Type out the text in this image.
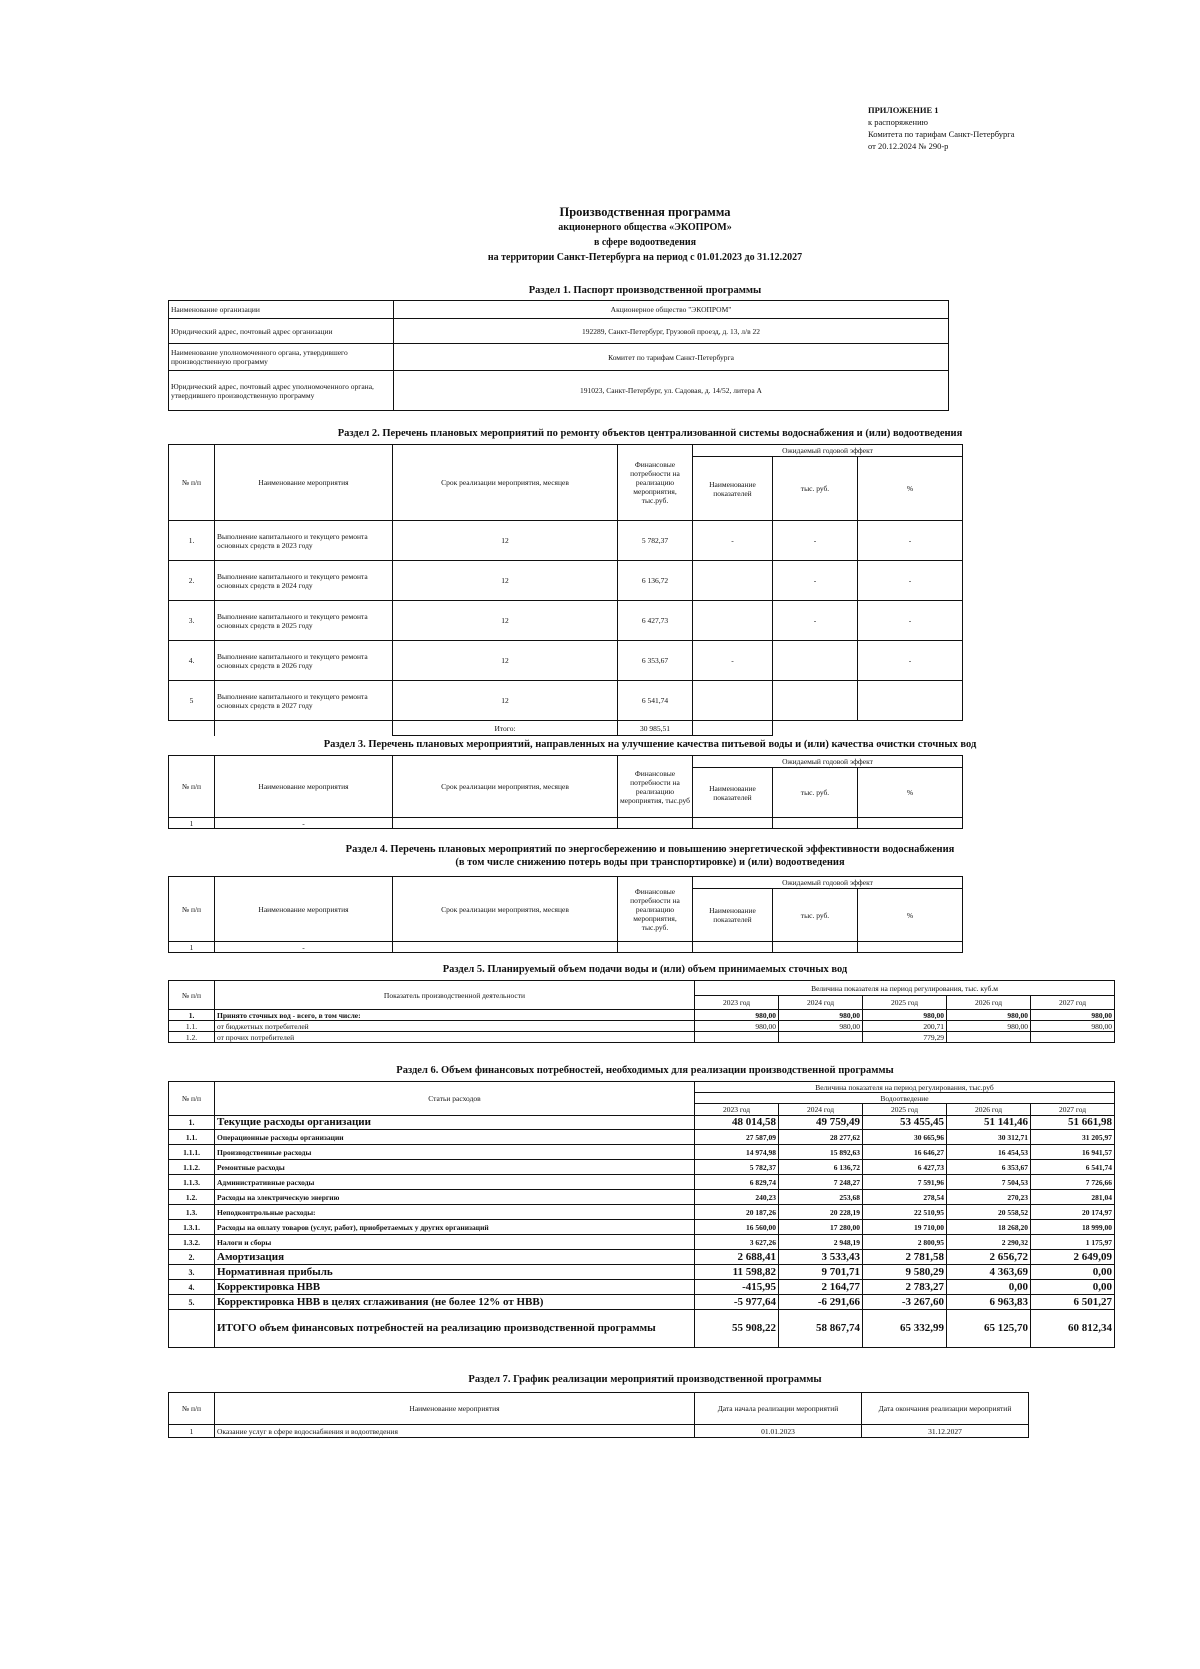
ПРИЛОЖЕНИЕ 1
к распоряжению
Комитета по тарифам Санкт-Петербурга
от 20.12.2024 № 290-р
Производственная программа
акционерного общества «ЭКОПРОМ»
в сфере водоотведения
на территории Санкт-Петербурга на период с 01.01.2023 до 31.12.2027
Раздел 1. Паспорт производственной программы
Наименование организации	Акционерное общество "ЭКОПРОМ"
Юридический адрес, почтовый адрес организации	192289, Санкт-Петербург, Грузовой проезд, д. 13, л/в 22
Наименование уполномоченного органа, утвердившего производственную программу	Комитет по тарифам Санкт-Петербурга
Юридический адрес, почтовый адрес уполномоченного органа, утвердившего производственную программу	191023, Санкт-Петербург, ул. Садовая, д. 14/52, литера А
Раздел 2. Перечень плановых мероприятий по ремонту объектов централизованной системы водоснабжения и (или) водоотведения
№ п/п	Наименование мероприятия	Срок реализации мероприятия, месяцев	Финансовые потребности на реализацию мероприятия, тыс.руб.	Ожидаемый годовой эффект		
				Наименование показателей	тыс. руб.	%
1.	Выполнение капитального и текущего ремонта основных средств в 2023 году	12	5 782,37	-	-	-
2.	Выполнение капитального и текущего ремонта основных средств в 2024 году	12	6 136,72		-	-
3.	Выполнение капитального и текущего ремонта основных средств в 2025 году	12	6 427,73		-	-
4.	Выполнение капитального и текущего ремонта основных средств в 2026 году	12	6 353,67	-		-
5	Выполнение капитального и текущего ремонта основных средств в 2027 году	12	6 541,74			
		Итого:	30 985,51			
Раздел 3. Перечень плановых мероприятий, направленных на улучшение качества питьевой воды и (или) качества очистки сточных вод
№ п/п	Наименование мероприятия	Срок реализации мероприятия, месяцев	Финансовые потребности на реализацию мероприятия, тыс.руб	Ожидаемый годовой эффект		
				Наименование показателей	тыс. руб.	%
1	-					
Раздел 4. Перечень плановых мероприятий по энергосбережению и повышению энергетической эффективности водоснабжения
(в том числе снижению потерь воды при транспортировке) и (или) водоотведения
№ п/п	Наименование мероприятия	Срок реализации мероприятия, месяцев	Финансовые потребности на реализацию мероприятия, тыс.руб.	Ожидаемый годовой эффект		
				Наименование показателей	тыс. руб.	%
1	-					
Раздел 5. Планируемый объем подачи воды и (или) объем принимаемых сточных вод
№ п/п	Показатель производственной деятельности	Величина показателя на период регулирования, тыс. куб.м				
		2023 год	2024 год	2025 год	2026 год	2027 год
1.	Принято сточных вод - всего, в том числе:	980,00	980,00	980,00	980,00	980,00
1.1.	от бюджетных потребителей	980,00	980,00	200,71	980,00	980,00
1.2.	от прочих потребителей			779,29		
Раздел 6. Объем финансовых потребностей, необходимых для реализации производственной программы
№ п/п	Статьи расходов	Величина показателя на период регулирования, тыс.руб				
		Водоотведение				
		2023 год	2024 год	2025 год	2026 год	2027 год
1.	Текущие расходы организации	48 014,58	49 759,49	53 455,45	51 141,46	51 661,98
1.1.	Операционные расходы организации	27 587,09	28 277,62	30 665,96	30 312,71	31 205,97
1.1.1.	Производственные расходы	14 974,98	15 892,63	16 646,27	16 454,53	16 941,57
1.1.2.	Ремонтные расходы	5 782,37	6 136,72	6 427,73	6 353,67	6 541,74
1.1.3.	Административные расходы	6 829,74	7 248,27	7 591,96	7 504,53	7 726,66
1.2.	Расходы на электрическую энергию	240,23	253,68	278,54	270,23	281,04
1.3.	Неподконтрольные расходы:	20 187,26	20 228,19	22 510,95	20 558,52	20 174,97
1.3.1.	Расходы на оплату товаров (услуг, работ), приобретаемых у других организаций	16 560,00	17 280,00	19 710,00	18 268,20	18 999,00
1.3.2.	Налоги и сборы	3 627,26	2 948,19	2 800,95	2 290,32	1 175,97
2.	Амортизация	2 688,41	3 533,43	2 781,58	2 656,72	2 649,09
3.	Нормативная прибыль	11 598,82	9 701,71	9 580,29	4 363,69	0,00
4.	Корректировка НВВ	-415,95	2 164,77	2 783,27	0,00	0,00
5.	Корректировка НВВ в целях сглаживания (не более 12% от НВВ)	-5 977,64	-6 291,66	-3 267,60	6 963,83	6 501,27
	ИТОГО объем финансовых потребностей на реализацию производственной программы	55 908,22	58 867,74	65 332,99	65 125,70	60 812,34
Раздел 7. График реализации мероприятий производственной программы
№ п/п	Наименование мероприятия	Дата начала реализации мероприятий	Дата окончания реализации мероприятий
1	Оказание услуг в сфере водоснабжения и водоотведения	01.01.2023	31.12.2027
